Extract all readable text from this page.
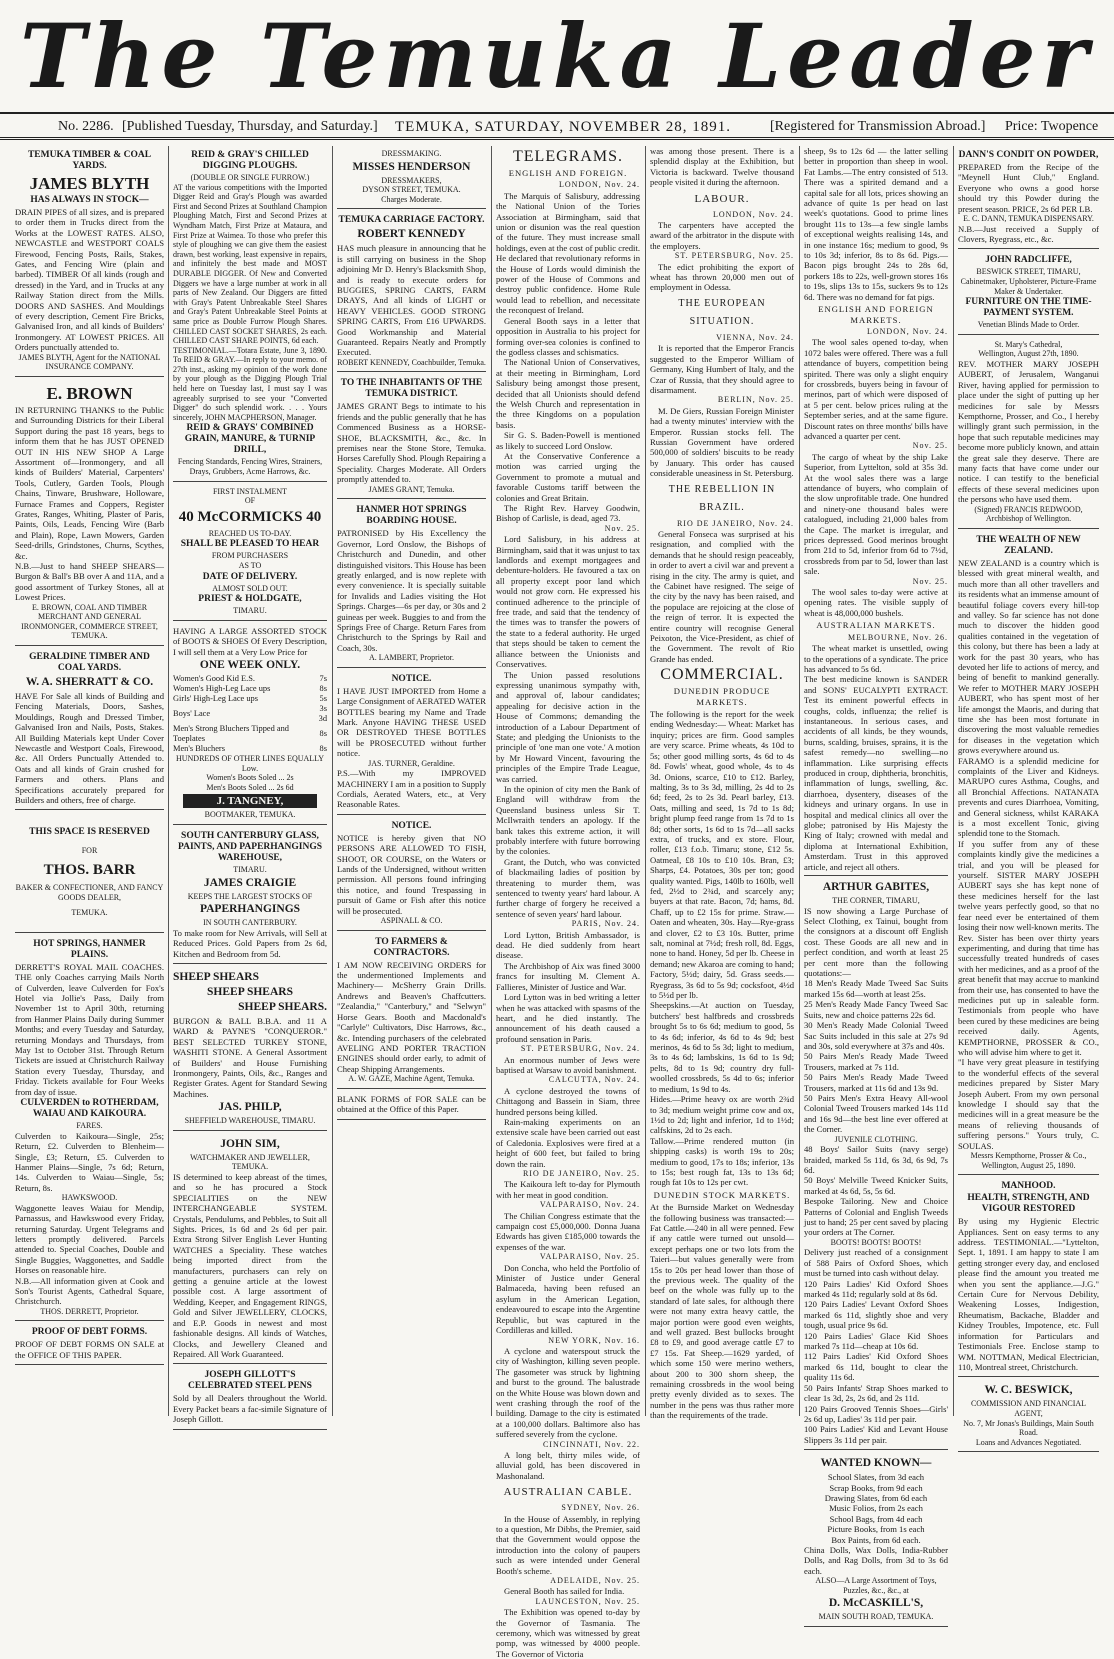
The Temuka Leader
No. 2286. [Published Tuesday, Thursday, and Saturday.] TEMUKA, SATURDAY, NOVEMBER 28, 1891.	[Registered for Transmission Abroad.] Price: Twopence
TEMUKA TIMBER & COAL YARDS.
JAMES BLYTH
HAS ALWAYS IN STOCK—
DRAIN PIPES of all sizes, and is prepared to order them in Trucks direct from the Works at the LOWEST RATES. ALSO, NEWCASTLE and WESTPORT COALS Firewood, Fencing Posts, Rails, Stakes, Gates, and Fencing Wire (plain and barbed). TIMBER Of all kinds (rough and dressed) in the Yard, and in Trucks at any Railway Station direct from the Mills. DOORS AND SASHES. And Mouldings of every description, Cement Fire Bricks, Galvanised Iron, and all kinds of Builders' Ironmongery. AT LOWEST PRICES. All Orders punctually attended to.
JAMES BLYTH, Agent for the NATIONAL INSURANCE COMPANY.
E. BROWN
IN RETURNING THANKS to the Public and Surrounding Districts for their Liberal Support during the past 18 years, begs to inform them that he has JUST OPENED OUT IN HIS NEW SHOP A Large Assortment of—Ironmongery, and all kinds of Builders' Material, Carpenters' Tools, Cutlery, Garden Tools, Plough Chains, Tinware, Brushware, Holloware, Furnace Frames and Coppers, Register Grates, Ranges, Whiting, Plaster of Paris, Paints, Oils, Leads, Fencing Wire (Barb and Plain), Rope, Lawn Mowers, Garden Seed-drills, Grindstones, Churns, Scythes, &c.
N.B.—Just to hand SHEEP SHEARS—Burgon & Ball's BB over A and 11A, and a good assortment of Turkey Stones, all at Lowest Prices.
E. BROWN, COAL AND TIMBER MERCHANT AND GENERAL IRONMONGER, COMMERCE STREET, TEMUKA.
GERALDINE TIMBER AND COAL YARDS.
W. A. SHERRATT & CO.
HAVE For Sale all kinds of Building and Fencing Materials, Doors, Sashes, Mouldings, Rough and Dressed Timber, Galvanised Iron and Nails, Posts, Stakes. All Building Materials kept Under Cover Newcastle and Westport Coals, Firewood, &c. All Orders Punctually Attended to. Oats and all kinds of Grain crushed for Farmers and others. Plans and Specifications accurately prepared for Builders and others, free of charge.
THIS SPACE IS RESERVED
FOR
THOS. BARR
BAKER & CONFECTIONER, AND FANCY GOODS DEALER,
TEMUKA.
HOT SPRINGS, HANMER PLAINS.
DERRETT'S ROYAL MAIL COACHES. THE only Coaches carrying Mails North of Culverden, leave Culverden for Fox's Hotel via Jollie's Pass, Daily from November 1st to April 30th, returning from Hanmer Plains Daily during Summer Months; and every Tuesday and Saturday, returning Mondays and Thursdays, from May 1st to October 31st. Through Return Tickets are issued at Christchurch Railway Station every Tuesday, Thursday, and Friday. Tickets available for Four Weeks from day of issue.
CULVERDEN to ROTHERDAM, WAIAU AND KAIKOURA.
FARES.
Culverden to Kaikoura—Single, 25s; Return, £2. Culverden to Blenheim—Single, £3; Return, £5. Culverden to Hanmer Plains—Single, 7s 6d; Return, 14s. Culverden to Waiau—Single, 5s; Return, 8s.
HAWKSWOOD.
Waggonette leaves Waiau for Mendip, Parnassus, and Hawkswood every Friday, returning Saturday. Urgent Telegrams and letters promptly delivered. Parcels attended to. Special Coaches, Double and Single Buggies, Waggonettes, and Saddle Horses on reasonable hire.
N.B.—All information given at Cook and Son's Tourist Agents, Cathedral Square, Christchurch.
THOS. DERRETT, Proprietor.
PROOF OF DEBT FORMS.
PROOF OF DEBT FORMS ON SALE at the OFFICE OF THIS PAPER.
REID & GRAY'S CHILLED DIGGING PLOUGHS.
(DOUBLE OR SINGLE FURROW.)
AT the various competitions with the Imported Digger Reid and Gray's Plough was awarded First and Second Prizes at Southland Champion Ploughing Match, First and Second Prizes at Wyndham Match, First Prize at Mataura, and First Prize at Waimea. To those who prefer this style of ploughing we can give them the easiest drawn, best working, least expensive in repairs, and infinitely the best made and MOST DURABLE DIGGER. Of New and Converted Diggers we have a large number at work in all parts of New Zealand. Our Diggers are fitted with Gray's Patent Unbreakable Steel Shares and Gray's Patent Unbreakable Steel Points at same price as Double Furrow Plough Shares. CHILLED CAST SOCKET SHARES, 2s each. CHILLED CAST SHARE POINTS, 6d each.
TESTIMONIAL.—Totara Estate, June 3, 1890. To REID & GRAY.—In reply to your memo. of 27th inst., asking my opinion of the work done by your plough as the Digging Plough Trial held here on Tuesday last, I must say I was agreeably surprised to see your "Converted Digger" do such splendid work. . . . Yours sincerely, JOHN MACPHERSON, Manager.
REID & GRAYS' COMBINED GRAIN, MANURE, & TURNIP DRILL,
Fencing Standards, Fencing Wires, Strainers, Drays, Grubbers, Acme Harrows, &c.
FIRST INSTALMENT
OF
40 McCORMICKS 40
REACHED US TO-DAY.
SHALL BE PLEASED TO HEAR
FROM PURCHASERS
AS TO
DATE OF DELIVERY.
ALMOST SOLD OUT.
PRIEST & HOLDGATE,
TIMARU.
HAVING A LARGE ASSORTED STOCK of BOOTS & SHOES Of Every Description, I will sell them at a Very Low Price for
ONE WEEK ONLY.
Women's Good Kid E.S.	7s
Women's High-Leg Lace ups	8s
Girls' High-Leg Lace ups	5s
Boys' Lace	3s 3d
Men's Strong Bluchers Tipped and Toeplates	8s
Men's Bluchers	8s
HUNDREDS OF OTHER LINES EQUALLY Low.
Women's Boots Soled ... 2s
Men's Boots Soled ... 2s 6d
J. TANGNEY,
BOOTMAKER, TEMUKA.
SOUTH CANTERBURY GLASS, PAINTS, AND PAPERHANGINGS WAREHOUSE,
TIMARU.
JAMES CRAIGIE
KEEPS THE LARGEST STOCKS OF
PAPERHANGINGS
IN SOUTH CANTERBURY.
To make room for New Arrivals, will Sell at Reduced Prices. Gold Papers from 2s 6d, Kitchen and Bedroom from 5d.
SHEEP SHEARS
SHEEP SHEARS
SHEEP SHEARS.
BURGON & BALL B.B.A. and 11 A WARD & PAYNE'S "CONQUEROR." BEST SELECTED TURKEY STONE, WASHITI STONE. A General Assortment of Builders' and House Furnishing Ironmongery, Paints, Oils, &c., Ranges and Register Grates. Agent for Standard Sewing Machines.
JAS. PHILP,
SHEFFIELD WAREHOUSE, TIMARU.
JOHN SIM,
WATCHMAKER AND JEWELLER, TEMUKA.
IS determined to keep abreast of the times, and so he has procured a Stock SPECIALITIES on the NEW INTERCHANGEABLE SYSTEM. Crystals, Pendulums, and Pebbles, to Suit all Sights. Prices, 1s 6d and 2s 6d per pair. Extra Strong Silver English Lever Hunting WATCHES a Speciality. These watches being imported direct from the manufacturers, purchasers can rely on getting a genuine article at the lowest possible cost. A large assortment of Wedding, Keeper, and Engagement RINGS, Gold and Silver JEWELLERY, CLOCKS, and E.P. Goods in newest and most fashionable designs. All kinds of Watches, Clocks, and Jewellery Cleaned and Repaired. All Work Guaranteed.
JOSEPH GILLOTT'S CELEBRATED STEEL PENS
Sold by all Dealers throughout the World. Every Packet bears a fac-simile Signature of Joseph Gillott.
DRESSMAKING.
MISSES HENDERSON
DRESSMAKERS,
DYSON STREET, TEMUKA.
Charges Moderate.
TEMUKA CARRIAGE FACTORY.
ROBERT KENNEDY
HAS much pleasure in announcing that he is still carrying on business in the Shop adjoining Mr D. Henry's Blacksmith Shop, and is ready to execute orders for BUGGIES, SPRING CARTS, FARM DRAYS, And all kinds of LIGHT or HEAVY VEHICLES. GOOD STRONG SPRING CARTS, From £16 UPWARDS. Good Workmanship and Material Guaranteed. Repairs Neatly and Promptly Executed.
ROBERT KENNEDY, Coachbuilder, Temuka.
TO THE INHABITANTS OF THE TEMUKA DISTRICT.
JAMES GRANT Begs to intimate to his friends and the public generally that he has Commenced Business as a HORSE-SHOE, BLACKSMITH, &c., &c. In premises near the Stone Store, Temuka. Horses Carefully Shod. Plough Repairing a Speciality. Charges Moderate. All Orders promptly attended to.
JAMES GRANT, Temuka.
HANMER HOT SPRINGS BOARDING HOUSE.
PATRONISED by His Excellency the Governor, Lord Onslow, the Bishops of Christchurch and Dunedin, and other distinguished visitors. This House has been greatly enlarged, and is now replete with every convenience. It is specially suitable for Invalids and Ladies visiting the Hot Springs. Charges—6s per day, or 30s and 2 guineas per week. Buggies to and from the Springs Free of Charge. Return Fares from Christchurch to the Springs by Rail and Coach, 30s.
A. LAMBERT, Proprietor.
NOTICE.
I HAVE JUST IMPORTED from Home a Large Consignment of AERATED WATER BOTTLES bearing my Name and Trade Mark. Anyone HAVING THESE USED OR DESTROYED THESE BOTTLES will be PROSECUTED without further notice.
JAS. TURNER, Geraldine.
P.S.—With my IMPROVED MACHINERY I am in a position to Supply Cordials, Aerated Waters, etc., at Very Reasonable Rates.
NOTICE.
NOTICE is hereby given that NO PERSONS ARE ALLOWED TO FISH, SHOOT, OR COURSE, on the Waters or Lands of the Undersigned, without written permission. All persons found infringing this notice, and found Trespassing in pursuit of Game or Fish after this notice will be prosecuted.
ASPINALL & CO.
TO FARMERS & CONTRACTORS.
I AM NOW RECEIVING ORDERS for the undermentioned Implements and Machinery— McSherry Grain Drills. Andrews and Beaven's Chaffcutters. "Zealandia," "Canterbury," and "Selwyn" Horse Gears. Booth and Macdonald's "Carlyle" Cultivators, Disc Harrows, &c., &c. Intending purchasers of the celebrated AVELING AND PORTER TRACTION ENGINES should order early, to admit of Cheap Shipping Arrangements.
A. W. GAZE, Machine Agent, Temuka.
BLANK FORMS of FOR SALE can be obtained at the Office of this Paper.
TELEGRAMS.
ENGLISH AND FOREIGN.
LONDON, Nov. 24.
The Marquis of Salisbury, addressing the National Union of the Tories Association at Birmingham, said that union or disunion was the real question of the future. They must increase small holdings, even at the cost of public credit. He declared that revolutionary reforms in the House of Lords would diminish the power of the House of Commons and destroy public confidence. Home Rule would lead to rebellion, and necessitate the reconquest of Ireland.
General Booth says in a letter that opposition in Australia to his project for forming over-sea colonies is confined to the godless classes and schismatics.
The National Union of Conservatives, at their meeting in Birmingham, Lord Salisbury being amongst those present, decided that all Unionists should defend the Welsh Church and representation in the three Kingdoms on a population basis.
Sir G. S. Baden-Powell is mentioned as likely to succeed Lord Onslow.
At the Conservative Conference a motion was carried urging the Government to promote a mutual and favorable Customs tariff between the colonies and Great Britain.
The Right Rev. Harvey Goodwin, Bishop of Carlisle, is dead, aged 73.
Nov. 25.
Lord Salisbury, in his address at Birmingham, said that it was unjust to tax landlords and exempt mortgagees and debenture-holders. He favoured a tax on all property except poor land which would not grow corn. He expressed his continued adherence to the principle of free trade, and said that the tendency of the times was to transfer the powers of the state to a federal authority. He urged that steps should be taken to cement the alliance between the Unionists and Conservatives.
The Union passed resolutions expressing unanimous sympathy with, and approval of, labour candidates; appealing for decisive action in the House of Commons; demanding the introduction of a Labour Department of State; and pledging the Unionists to the principle of 'one man one vote.' A motion by Mr Howard Vincent, favouring the principles of the Empire Trade League, was carried.
In the opinion of city men the Bank of England will withdraw from the Queensland business unless Sir T. McIlwraith tenders an apology. If the bank takes this extreme action, it will probably interfere with future borrowing by the colonies.
Grant, the Dutch, who was convicted of blackmailing ladies of position by threatening to murder them, was sentenced to twenty years' hard labour. A further charge of forgery he received a sentence of seven years' hard labour.
PARIS, Nov. 24.
Lord Lytton, British Ambassador, is dead. He died suddenly from heart disease.
The Archbishop of Aix was fined 3000 francs for insulting M. Clement A. Fallieres, Minister of Justice and War.
Lord Lytton was in bed writing a letter when he was attacked with spasms of the heart, and he died instantly. The announcement of his death caused a profound sensation in Paris.
ST. PETERSBURG, Nov. 24.
An enormous number of Jews were baptised at Warsaw to avoid banishment.
CALCUTTA, Nov. 24.
A cyclone destroyed the towns of Chittagong and Bassein in Siam, three hundred persons being killed.
Rain-making experiments on an extensive scale have been carried out east of Caledonia. Explosives were fired at a height of 600 feet, but failed to bring down the rain.
RIO DE JANEIRO, Nov. 25.
The Kaikoura left to-day for Plymouth with her meat in good condition.
VALPARAISO, Nov. 24.
The Chilian Congress estimate that the campaign cost £5,000,000. Donna Juana Edwards has given £185,000 towards the expenses of the war.
VALPARAISO, Nov. 25.
Don Concha, who held the Portfolio of Minister of Justice under General Balmaceda, having been refused an asylum in the American Legation, endeavoured to escape into the Argentine Republic, but was captured in the Cordilleras and killed.
NEW YORK, Nov. 16.
A cyclone and waterspout struck the city of Washington, killing seven people. The gasometer was struck by lightning and burst to the ground. The balustrade on the White House was blown down and went crashing through the roof of the building. Damage to the city is estimated at a 100,000 dollars. Baltimore also has suffered severely from the cyclone.
CINCINNATI, Nov. 22.
A long belt, thirty miles wide, of alluvial gold, has been discovered in Mashonaland.
AUSTRALIAN CABLE.
SYDNEY, Nov. 26.
In the House of Assembly, in replying to a question, Mr Dibbs, the Premier, said that the Government would oppose the introduction into the colony of paupers such as were intended under General Booth's scheme.
ADELAIDE, Nov. 25.
General Booth has sailed for India.
LAUNCESTON, Nov. 25.
The Exhibition was opened to-day by the Governor of Tasmania. The ceremony, which was witnessed by great pomp, was witnessed by 4000 people. The Governor of Victoria
was among those present. There is a splendid display at the Exhibition, but Victoria is backward. Twelve thousand people visited it during the afternoon.
LABOUR.
LONDON, Nov. 24.
The carpenters have accepted the award of the arbitrator in the dispute with the employers.
ST. PETERSBURG, Nov. 25.
The edict prohibiting the export of wheat has thrown 20,000 men out of employment in Odessa.
THE EUROPEAN SITUATION.
VIENNA, Nov. 24.
It is reported that the Emperor Francis suggested to the Emperor William of Germany, King Humbert of Italy, and the Czar of Russia, that they should agree to disarmament.
BERLIN, Nov. 25.
M. De Giers, Russian Foreign Minister had a twenty minutes' interview with the Emperor. Russian stocks fell. The Russian Government have ordered 500,000 of soldiers' biscuits to be ready by January. This order has caused considerable uneasiness in St. Petersburg.
THE REBELLION IN BRAZIL.
RIO DE JANEIRO, Nov. 24.
General Fonseca was surprised at his resignation, and complied with the demands that he should resign peaceably, in order to avert a civil war and prevent a rising in the city. The army is quiet, and the Cabinet have resigned. The seige of the city by the navy has been raised, and the populace are rejoicing at the close of the reign of terror. It is expected the entire country will recognise General Peixoton, the Vice-President, as chief of the Government. The revolt of Rio Grande has ended.
COMMERCIAL.
DUNEDIN PRODUCE MARKETS.
The following is the report for the week ending Wednesday:— Wheat: Market has inquiry; prices are firm. Good samples are very scarce. Prime wheats, 4s 10d to 5s; other good milling sorts, 4s 6d to 4s 8d. Fowls' wheat, good whole, 4s to 4s 3d. Onions, scarce, £10 to £12. Barley, malting, 3s to 3s 3d, milling, 2s 4d to 2s 6d; feed, 2s to 2s 3d. Pearl barley, £13. Oats, milling and seed, 1s 7d to 1s 8d; bright plump feed range from 1s 7d to 1s 8d; other sorts, 1s 6d to 1s 7d—all sacks extra, of trucks, and ex store. Flour, roller, £13 f.o.b. Timaru; stone, £12 5s. Oatmeal, £8 10s to £10 10s. Bran, £3; Sharps, £4. Potatoes, 30s per ton; good quality wanted. Pigs, 140lb to 160lb, well fed, 2½d to 2¾d, and scarcely any; buyers at that rate. Bacon, 7d; hams, 8d. Chaff, up to £2 15s for prime. Straw.—Oaten and wheaten, 30s. Hay—Rye-grass and clover, £2 to £3 10s. Butter, prime salt, nominal at 7½d; fresh roll, 8d. Eggs, none to hand. Honey, 5d per lb. Cheese in demand; new Akaroa are coming to hand; Factory, 5½d; dairy, 5d. Grass seeds.—Ryegrass, 3s 6d to 5s 9d; cocksfoot, 4½d to 5½d per lb.
Sheepskins.—At auction on Tuesday, butchers' best halfbreds and crossbreds brought 5s to 6s 6d; medium to good, 5s to 4s 6d; inferior, 4s 6d to 4s 9d; best merinos, 4s 6d to 5s 3d; light to medium, 3s to 4s 6d; lambskins, 1s 6d to 1s 9d; pelts, 8d to 1s 9d; country dry full-woolled crossbreds, 5s 4d to 6s; inferior to medium, 1s 9d to 4s.
Hides.—Prime heavy ox are worth 2¾d to 3d; medium weight prime cow and ox, 1½d to 2d; light and inferior, 1d to 1½d; calfskins, 2d to 2s each.
Tallow.—Prime rendered mutton (in shipping casks) is worth 19s to 20s; medium to good, 17s to 18s; inferior, 13s to 15s; best rough fat, 13s to 13s 6d; rough fat 10s to 12s per cwt.
DUNEDIN STOCK MARKETS.
At the Burnside Market on Wednesday the following business was transacted:— Fat Cattle.—240 in all were penned. Few if any cattle were turned out unsold—except perhaps one or two lots from the Taieri—but values generally were from 15s to 20s per head lower than those of the previous week. The quality of the beef on the whole was fully up to the standard of late sales, for although there were not many extra heavy cattle, the major portion were good even weights, and well grazed. Best bullocks brought £8 to £9, and good average cattle £7 to £7 15s. Fat Sheep.—1629 yarded, of which some 150 were merino wethers, about 200 to 300 shorn sheep, the remaining crossbreds in the wool being pretty evenly divided as to sexes. The number in the pens was thus rather more than the requirements of the trade.
sheep, 9s to 12s 6d — the latter selling better in proportion than sheep in wool. Fat Lambs.—The entry consisted of 513. There was a spirited demand and a capital sale for all lots, prices showing an advance of quite 1s per head on last week's quotations. Good to prime lines brought 11s to 13s—a few single lambs of exceptional weights realising 14s, and in one instance 16s; medium to good, 9s to 10s 3d; inferior, 8s to 8s 6d. Pigs.—Bacon pigs brought 24s to 28s 6d, porkers 18s to 22s, well-grown stores 16s to 19s, slips 13s to 15s, suckers 9s to 12s 6d. There was no demand for fat pigs.
ENGLISH AND FOREIGN MARKETS.
LONDON, Nov. 24.
The wool sales opened to-day, when 1072 bales were offered. There was a full attendance of buyers, competition being spirited. There was only a slight enquiry for crossbreds, buyers being in favour of merinos, part of which were disposed of at 5 per cent. below prices ruling at the September series, and at the same figure. Discount rates on three months' bills have advanced a quarter per cent.
Nov. 25.
The cargo of wheat by the ship Lake Superior, from Lyttelton, sold at 35s 3d. At the wool sales there was a large attendance of buyers, who complain of the slow unprofitable trade. One hundred and ninety-one thousand bales were catalogued, including 21,000 bales from the Cape. The market is irregular, and prices depressed. Good merinos brought from 21d to 5d, inferior from 6d to 7½d, crossbreds from par to 5d, lower than last sale.
Nov. 25.
The wool sales to-day were active at opening rates. The visible supply of wheat is 48,000,000 bushels.
AUSTRALIAN MARKETS.
MELBOURNE, Nov. 26.
The wheat market is unsettled, owing to the operations of a syndicate. The price has advanced to 5s 6d.
The best medicine known is SANDER and SONS' EUCALYPTI EXTRACT. Test its eminent powerful effects in coughs, colds, influenza; the relief is instantaneous. In serious cases, and accidents of all kinds, be they wounds, burns, scalding, bruises, sprains, it is the safest remedy—no swelling—no inflammation. Like surprising effects produced in croup, diphtheria, bronchitis, inflammation of lungs, swelling, &c. diarrhoea, dysentery, diseases of the kidneys and urinary organs. In use in hospital and medical clinics all over the globe; patronised by His Majesty the King of Italy; crowned with medal and diploma at International Exhibition, Amsterdam. Trust in this approved article, and reject all others.
ARTHUR GABITES,
THE CORNER, TIMARU,
IS now showing a Large Purchase of Select Clothing, ex Tainui, bought from the consignors at a discount off English cost. These Goods are all new and in perfect condition, and worth at least 25 per cent more than the following quotations:—
18 Men's Ready Made Tweed Sac Suits marked 15s 6d—worth at least 25s.
25 Men's Ready Made Fancy Tweed Sac Suits, new and choice patterns 22s 6d.
30 Men's Ready Made Colonial Tweed Sac Suits included in this sale at 27s 9d and 30s, sold everywhere at 37s and 40s.
50 Pairs Men's Ready Made Tweed Trousers, marked at 7s 11d.
50 Pairs Men's Ready Made Tweed Trousers, marked at 11s 6d and 13s 9d.
50 Pairs Men's Extra Heavy All-wool Colonial Tweed Trousers marked 14s 11d and 16s 9d—the best line ever offered at the Corner.
JUVENILE CLOTHING.
48 Boys' Sailor Suits (navy serge) braided, marked 5s 11d, 6s 3d, 6s 9d, 7s 6d.
50 Boys' Melville Tweed Knicker Suits, marked at 4s 6d, 5s, 5s 6d.
Bespoke Tailoring. New and Choice Patterns of Colonial and English Tweeds just to hand; 25 per cent saved by placing your orders at The Corner.
BOOTS! BOOTS! BOOTS!
Delivery just reached of a consignment of 588 Pairs of Oxford Shoes, which must be turned into cash without delay.
120 Pairs Ladies' Kid Oxford Shoes marked 4s 11d; regularly sold at 8s 6d.
120 Pairs Ladies' Levant Oxford Shoes marked 6s 11d, slightly shoe and very tough, usual price 9s 6d.
120 Pairs Ladies' Glace Kid Shoes marked 7s 11d—cheap at 10s 6d.
112 Pairs Ladies' Kid Oxford Shoes marked 6s 11d, bought to clear the quality 11s 6d.
50 Pairs Infants' Strap Shoes marked to clear 1s 3d, 2s, 2s 6d, and 2s 11d.
120 Pairs Grooved Tennis Shoes—Girls' 2s 6d up, Ladies' 3s 11d per pair.
100 Pairs Ladies' Kid and Levant House Slippers 3s 11d per pair.
WANTED KNOWN—
School Slates, from 3d each
Scrap Books, from 9d each
Drawing Slates, from 6d each
Music Folios, from 2s each
School Bags, from 4d each
Picture Books, from 1s each
Box Paints, from 6d each.
China Dolls, Wax Dolls, India-Rubber Dolls, and Rag Dolls, from 3d to 3s 6d each.
ALSO—A Large Assortment of Toys, Puzzles, &c., &c., at
D. McCASKILL'S,
MAIN SOUTH ROAD, TEMUKA.
DANN'S CONDIT ON POWDER,
PREPARED from the Recipe of the "Meynell Hunt Club," England. Everyone who owns a good horse should try this Powder during the present season. PRICE, 2s 6d PER LB.
E. C. DANN, TEMUKA DISPENSARY.
N.B.—Just received a Supply of Clovers, Ryegrass, etc., &c.
JOHN RADCLIFFE,
BESWICK STREET, TIMARU,
Cabinetmaker, Upholsterer, Picture-Frame Maker & Undertaker.
FURNITURE ON THE TIME-PAYMENT SYSTEM.
Venetian Blinds Made to Order.
St. Mary's Cathedral,
Wellington, August 27th, 1890.
REV. MOTHER MARY JOSEPH AUBERT, of Jerusalem, Wanganui River, having applied for permission to place under the sight of putting up her medicines for sale by Messrs Kempthorne, Prosser, and Co., I hereby willingly grant such permission, in the hope that such reputable medicines may become more publicly known, and attain the great sale they deserve. There are many facts that have come under our notice. I can testify to the beneficial effects of these several medicines upon the persons who have used them.
(Signed) FRANCIS REDWOOD, Archbishop of Wellington.
THE WEALTH OF NEW ZEALAND.
NEW ZEALAND is a country which is blessed with great mineral wealth, and much more than all other travellers and its residents what an immense amount of beautiful foliage covers every hill-top and valley. So far science has not done much to discover the hidden good qualities contained in the vegetation of this colony, but there has been a lady at work for the past 30 years, who has devoted her life to actions of mercy, and being of benefit to mankind generally. We refer to MOTHER MARY JOSEPH AUBERT, who has spent most of her life amongst the Maoris, and during that time she has been most fortunate in discovering the most valuable remedies for diseases in the vegetation which grows everywhere around us.
FARAMO is a splendid medicine for complaints of the Liver and Kidneys. MARUPO cures Asthma, Coughs, and all Bronchial Affections. NATANATA prevents and cures Diarrhoea, Vomiting, and General sickness, whilst KARAKA is a most excellent Tonic, giving splendid tone to the Stomach.
If you suffer from any of these complaints kindly give the medicines a trial, and you will be pleased for yourself. SISTER MARY JOSEPH AUBERT says she has kept none of these medicines herself for the last twelve years perfectly good, so that no fear need ever be entertained of them losing their now well-known merits. The Rev. Sister has been over thirty years experimenting, and during that time has successfully treated hundreds of cases with her medicines, and as a proof of the great benefit that may accrue to mankind from their use, has consented to have the medicines put up in saleable form. Testimonials from people who have been cured by these medicines are being received daily. Agents, KEMPTHORNE, PROSSER & CO., who will advise him where to get it.
"I have very great pleasure in testifying to the wonderful effects of the several medicines prepared by Sister Mary Joseph Aubert. From my own personal knowledge I should say that the medicines will in a great measure be the means of relieving thousands of suffering persons." Yours truly, C. SOULAS.
Messrs Kempthorne, Prosser & Co., Wellington, August 25, 1890.
MANHOOD.
HEALTH, STRENGTH, AND VIGOUR RESTORED
By using my Hygienic Electric Appliances. Sent on easy terms to any address. TESTIMONIAL.—"Lyttelton, Sept. 1, 1891. I am happy to state I am getting stronger every day, and enclosed please find the amount you treated me when you sent the appliance.—J.G." Certain Cure for Nervous Debility, Weakening Losses, Indigestion, Rheumatism, Backache, Bladder and Kidney Troubles, Impotence, etc. Full information for Particulars and Testimonials Free. Enclose stamp to WM. NOTTMAN, Medical Electrician, 110, Montreal street, Christchurch.
W. C. BESWICK,
COMMISSION AND FINANCIAL AGENT,
No. 7, Mr Jonas's Buildings, Main South Road.
Loans and Advances Negotiated.
